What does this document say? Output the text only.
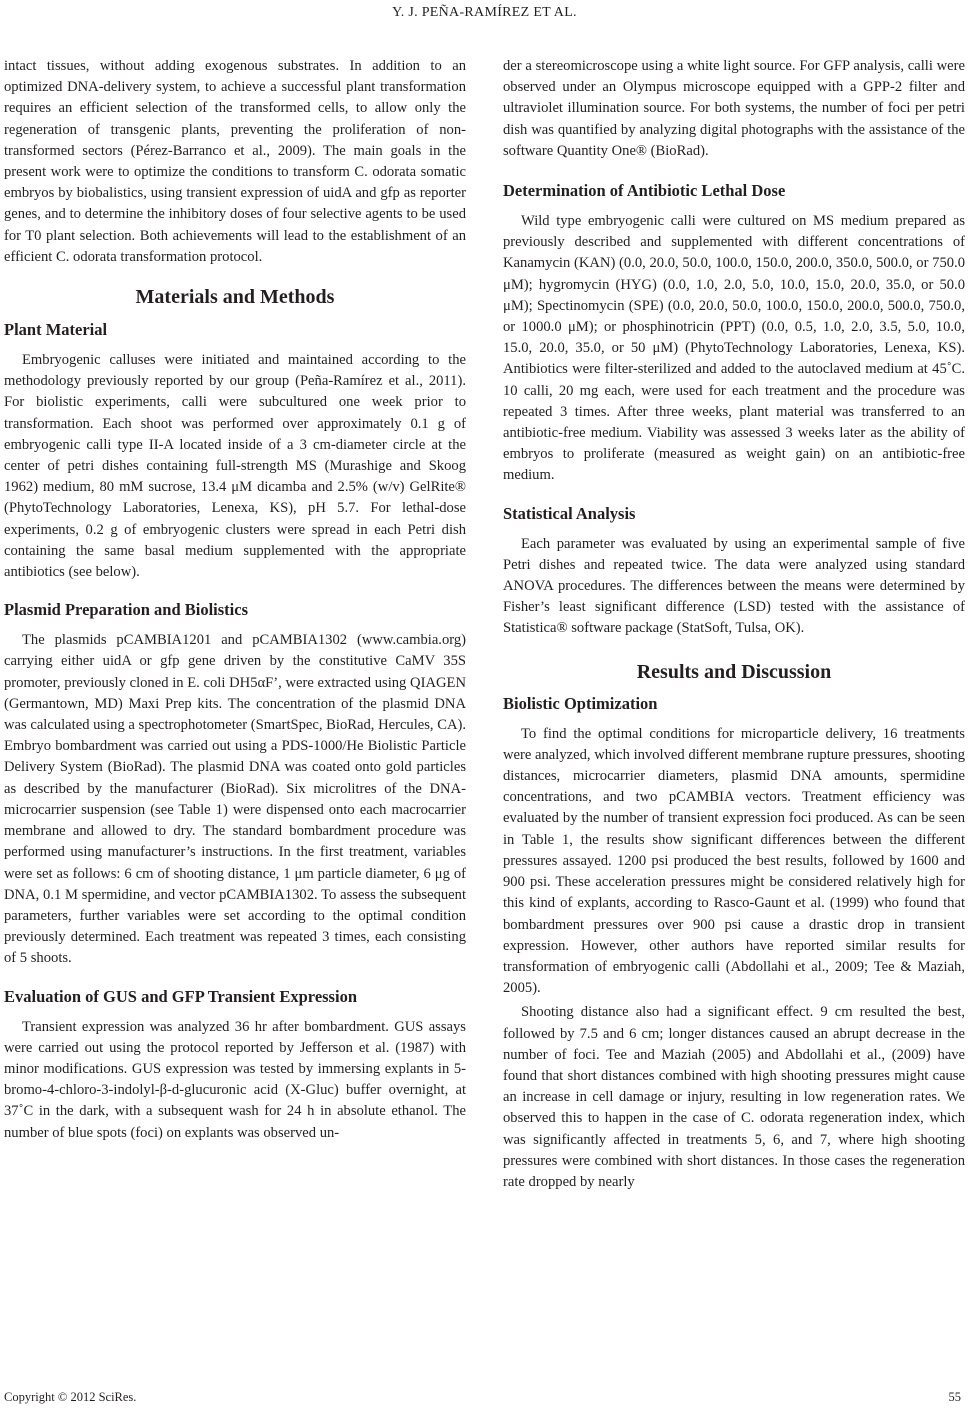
Y. J. PEÑA-RAMÍREZ ET AL.

intact tissues, without adding exogenous substrates. In addition to an optimized DNA-delivery system, to achieve a successful plant transformation requires an efficient selection of the transformed cells, to allow only the regeneration of transgenic plants, preventing the proliferation of non-transformed sectors (Pérez-Barranco et al., 2009). The main goals in the present work were to optimize the conditions to transform C. odorata somatic embryos by biobalistics, using transient expression of uidA and gfp as reporter genes, and to determine the inhibitory doses of four selective agents to be used for T0 plant selection. Both achievements will lead to the establishment of an efficient C. odorata transformation protocol.

Materials and Methods
Plant Material

Embryogenic calluses were initiated and maintained according to the methodology previously reported by our group (Peña-Ramírez et al., 2011). For biolistic experiments, calli were subcultured one week prior to transformation. Each shoot was performed over approximately 0.1 g of embryogenic calli type II-A located inside of a 3 cm-diameter circle at the center of petri dishes containing full-strength MS (Murashige and Skoog 1962) medium, 80 mM sucrose, 13.4 μM dicamba and 2.5% (w/v) GelRite® (PhytoTechnology Laboratories, Lenexa, KS), pH 5.7. For lethal-dose experiments, 0.2 g of embryogenic clusters were spread in each Petri dish containing the same basal medium supplemented with the appropriate antibiotics (see below).

Plasmid Preparation and Biolistics

The plasmids pCAMBIA1201 and pCAMBIA1302 (www.cambia.org) carrying either uidA or gfp gene driven by the constitutive CaMV 35S promoter, previously cloned in E. coli DH5αF’, were extracted using QIAGEN (Germantown, MD) Maxi Prep kits. The concentration of the plasmid DNA was calculated using a spectrophotometer (SmartSpec, BioRad, Hercules, CA). Embryo bombardment was carried out using a PDS-1000/He Biolistic Particle Delivery System (BioRad). The plasmid DNA was coated onto gold particles as described by the manufacturer (BioRad). Six microlitres of the DNA-microcarrier suspension (see Table 1) were dispensed onto each macrocarrier membrane and allowed to dry. The standard bombardment procedure was performed using manufacturer’s instructions. In the first treatment, variables were set as follows: 6 cm of shooting distance, 1 μm particle diameter, 6 μg of DNA, 0.1 M spermidine, and vector pCAMBIA1302. To assess the subsequent parameters, further variables were set according to the optimal condition previously determined. Each treatment was repeated 3 times, each consisting of 5 shoots.

Evaluation of GUS and GFP Transient Expression

Transient expression was analyzed 36 hr after bombardment. GUS assays were carried out using the protocol reported by Jefferson et al. (1987) with minor modifications. GUS expression was tested by immersing explants in 5-bromo-4-chloro-3-indolyl-β-d-glucuronic acid (X-Gluc) buffer overnight, at 37˚C in the dark, with a subsequent wash for 24 h in absolute ethanol. The number of blue spots (foci) on explants was observed un-

der a stereomicroscope using a white light source. For GFP analysis, calli were observed under an Olympus microscope equipped with a GPP-2 filter and ultraviolet illumination source. For both systems, the number of foci per petri dish was quantified by analyzing digital photographs with the assistance of the software Quantity One® (BioRad).

Determination of Antibiotic Lethal Dose

Wild type embryogenic calli were cultured on MS medium prepared as previously described and supplemented with different concentrations of Kanamycin (KAN) (0.0, 20.0, 50.0, 100.0, 150.0, 200.0, 350.0, 500.0, or 750.0 μM); hygromycin (HYG) (0.0, 1.0, 2.0, 5.0, 10.0, 15.0, 20.0, 35.0, or 50.0 μM); Spectinomycin (SPE) (0.0, 20.0, 50.0, 100.0, 150.0, 200.0, 500.0, 750.0, or 1000.0 μM); or phosphinotricin (PPT) (0.0, 0.5, 1.0, 2.0, 3.5, 5.0, 10.0, 15.0, 20.0, 35.0, or 50 μM) (PhytoTechnology Laboratories, Lenexa, KS). Antibiotics were filter-sterilized and added to the autoclaved medium at 45˚C. 10 calli, 20 mg each, were used for each treatment and the procedure was repeated 3 times. After three weeks, plant material was transferred to an antibiotic-free medium. Viability was assessed 3 weeks later as the ability of embryos to proliferate (measured as weight gain) on an antibiotic-free medium.

Statistical Analysis

Each parameter was evaluated by using an experimental sample of five Petri dishes and repeated twice. The data were analyzed using standard ANOVA procedures. The differences between the means were determined by Fisher’s least significant difference (LSD) tested with the assistance of Statistica® software package (StatSoft, Tulsa, OK).

Results and Discussion
Biolistic Optimization

To find the optimal conditions for microparticle delivery, 16 treatments were analyzed, which involved different membrane rupture pressures, shooting distances, microcarrier diameters, plasmid DNA amounts, spermidine concentrations, and two pCAMBIA vectors. Treatment efficiency was evaluated by the number of transient expression foci produced. As can be seen in Table 1, the results show significant differences between the different pressures assayed. 1200 psi produced the best results, followed by 1600 and 900 psi. These acceleration pressures might be considered relatively high for this kind of explants, according to Rasco-Gaunt et al. (1999) who found that bombardment pressures over 900 psi cause a drastic drop in transient expression. However, other authors have reported similar results for transformation of embryogenic calli (Abdollahi et al., 2009; Tee & Maziah, 2005).

Shooting distance also had a significant effect. 9 cm resulted the best, followed by 7.5 and 6 cm; longer distances caused an abrupt decrease in the number of foci. Tee and Maziah (2005) and Abdollahi et al., (2009) have found that short distances combined with high shooting pressures might cause an increase in cell damage or injury, resulting in low regeneration rates. We observed this to happen in the case of C. odorata regeneration index, which was significantly affected in treatments 5, 6, and 7, where high shooting pressures were combined with short distances. In those cases the regeneration rate dropped by nearly

Copyright © 2012 SciRes.	55
